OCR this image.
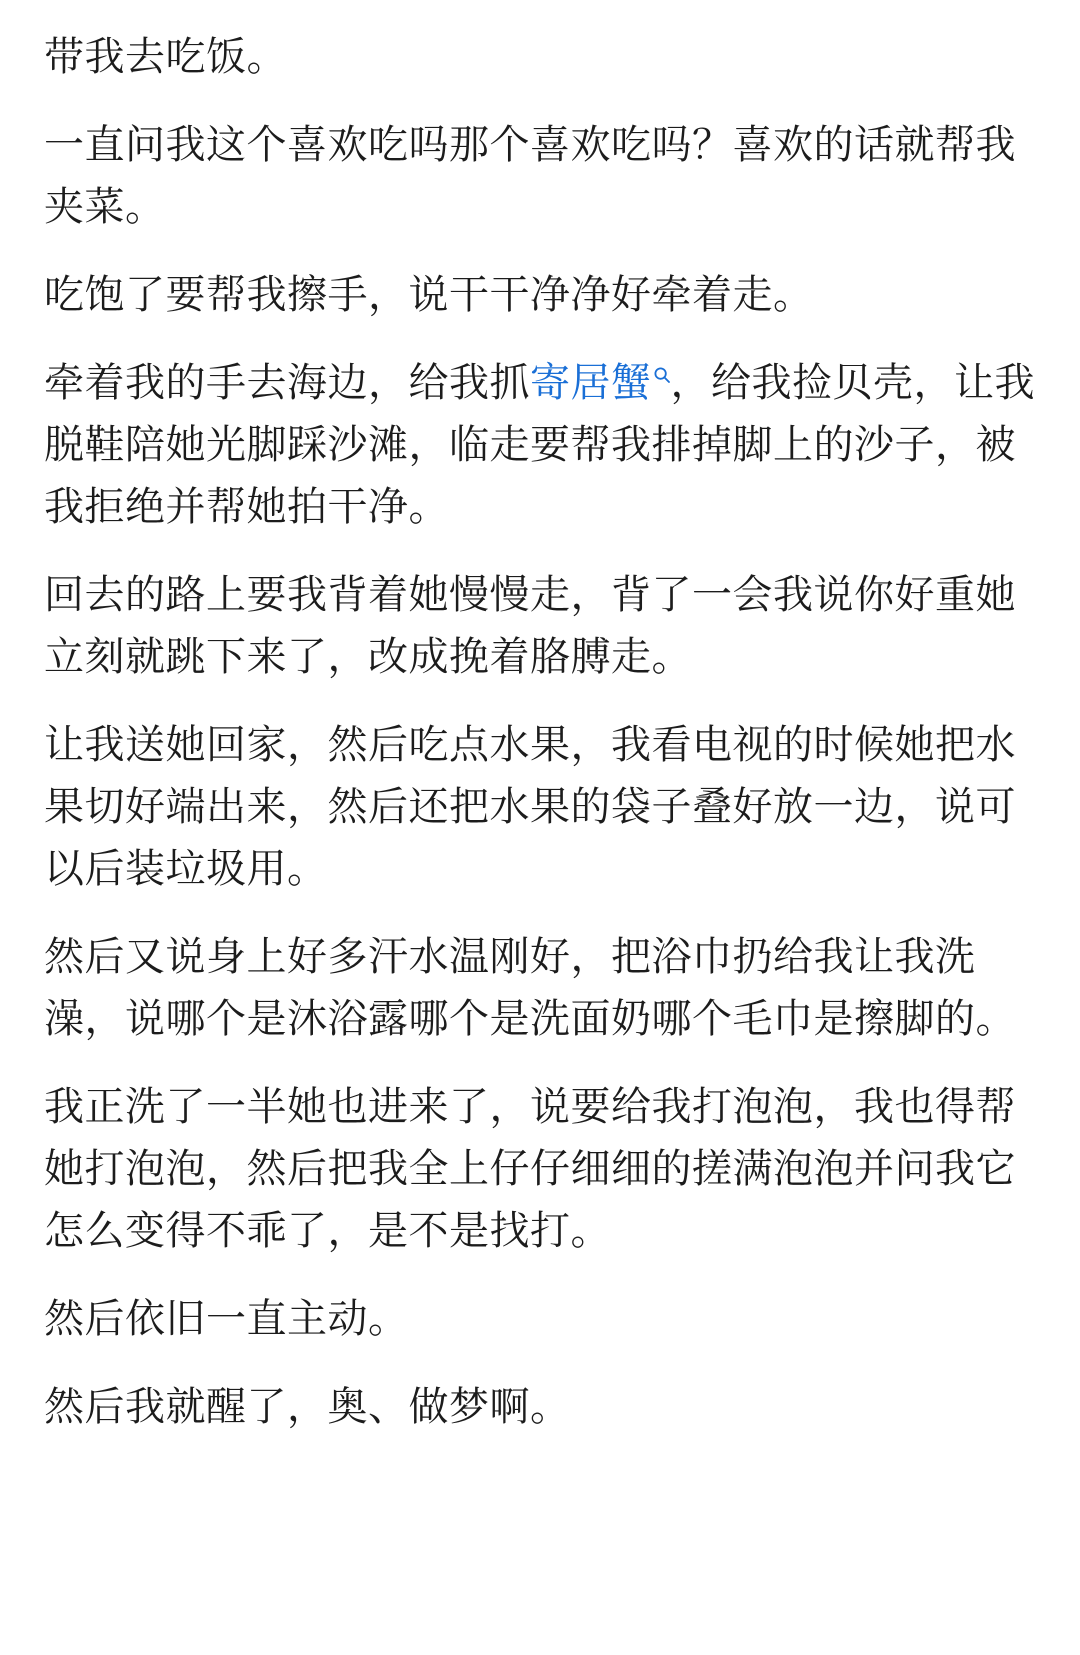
带我去吃饭。

一直问我这个喜欢吃吗那个喜欢吃吗？喜欢的话就帮我夹菜。

吃饱了要帮我擦手，说干干净净好牵着走。

牵着我的手去海边，给我抓寄居蟹 ，给我捡贝壳，让我脱鞋陪她光脚踩沙滩，临走要帮我排掉脚上的沙子，被我拒绝并帮她拍干净。

回去的路上要我背着她慢慢走，背了一会我说你好重她立刻就跳下来了，改成挽着胳膊走。

让我送她回家，然后吃点水果，我看电视的时候她把水果切好端出来，然后还把水果的袋子叠好放一边，说可以后装垃圾用。

然后又说身上好多汗水温刚好，把浴巾扔给我让我洗澡，说哪个是沐浴露哪个是洗面奶哪个毛巾是擦脚的。

我正洗了一半她也进来了，说要给我打泡泡，我也得帮她打泡泡，然后把我全上仔仔细细的搓满泡泡并问我它怎么变得不乖了，是不是找打。

然后依旧一直主动。

然后我就醒了，奥、做梦啊。
